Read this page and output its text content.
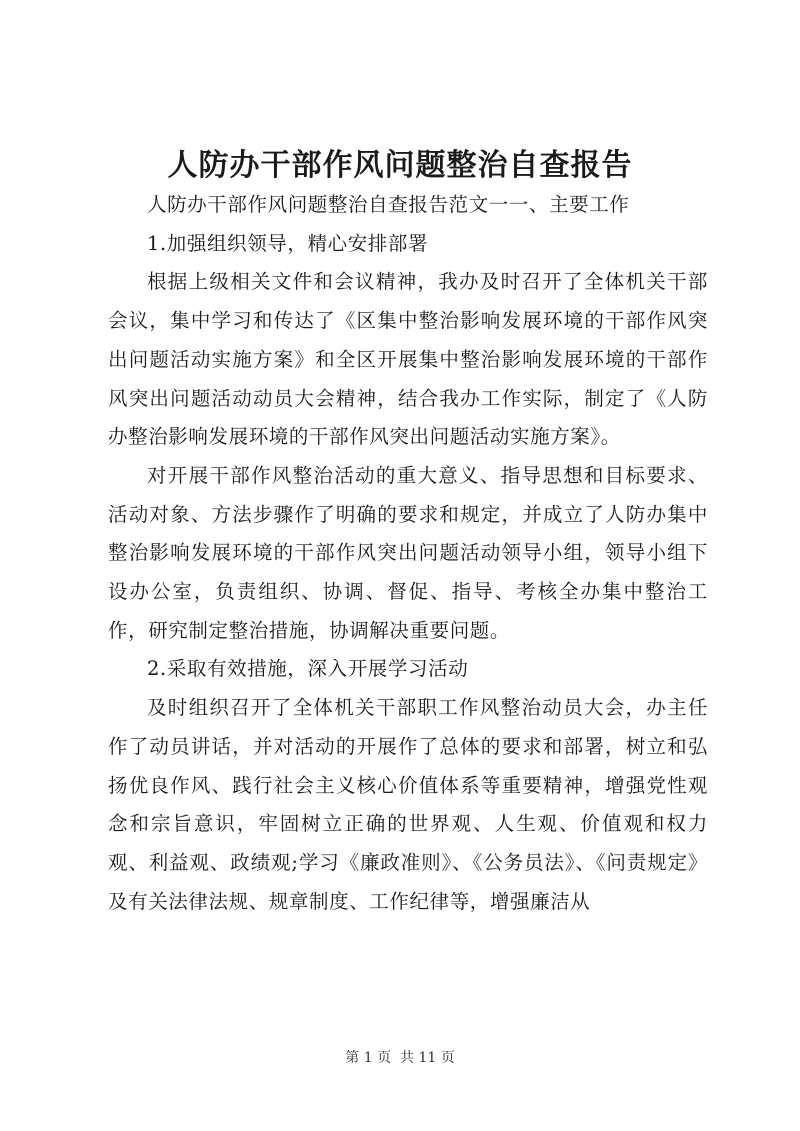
人防办干部作风问题整治自查报告

人防办干部作风问题整治自查报告范文一一、主要工作

1.加强组织领导，精心安排部署

根据上级相关文件和会议精神，我办及时召开了全体机关干部会议，集中学习和传达了《区集中整治影响发展环境的干部作风突出问题活动实施方案》和全区开展集中整治影响发展环境的干部作风突出问题活动动员大会精神，结合我办工作实际，制定了《人防办整治影响发展环境的干部作风突出问题活动实施方案》。

对开展干部作风整治活动的重大意义、指导思想和目标要求、活动对象、方法步骤作了明确的要求和规定，并成立了人防办集中整治影响发展环境的干部作风突出问题活动领导小组，领导小组下设办公室，负责组织、协调、督促、指导、考核全办集中整治工作，研究制定整治措施，协调解决重要问题。

2.采取有效措施，深入开展学习活动

及时组织召开了全体机关干部职工作风整治动员大会，办主任作了动员讲话，并对活动的开展作了总体的要求和部署，树立和弘扬优良作风、践行社会主义核心价值体系等重要精神，增强党性观念和宗旨意识，牢固树立正确的世界观、人生观、价值观和权力观、利益观、政绩观;学习《廉政准则》、《公务员法》、《问责规定》及有关法律法规、规章制度、工作纪律等，增强廉洁从

第 1 页  共 11 页
